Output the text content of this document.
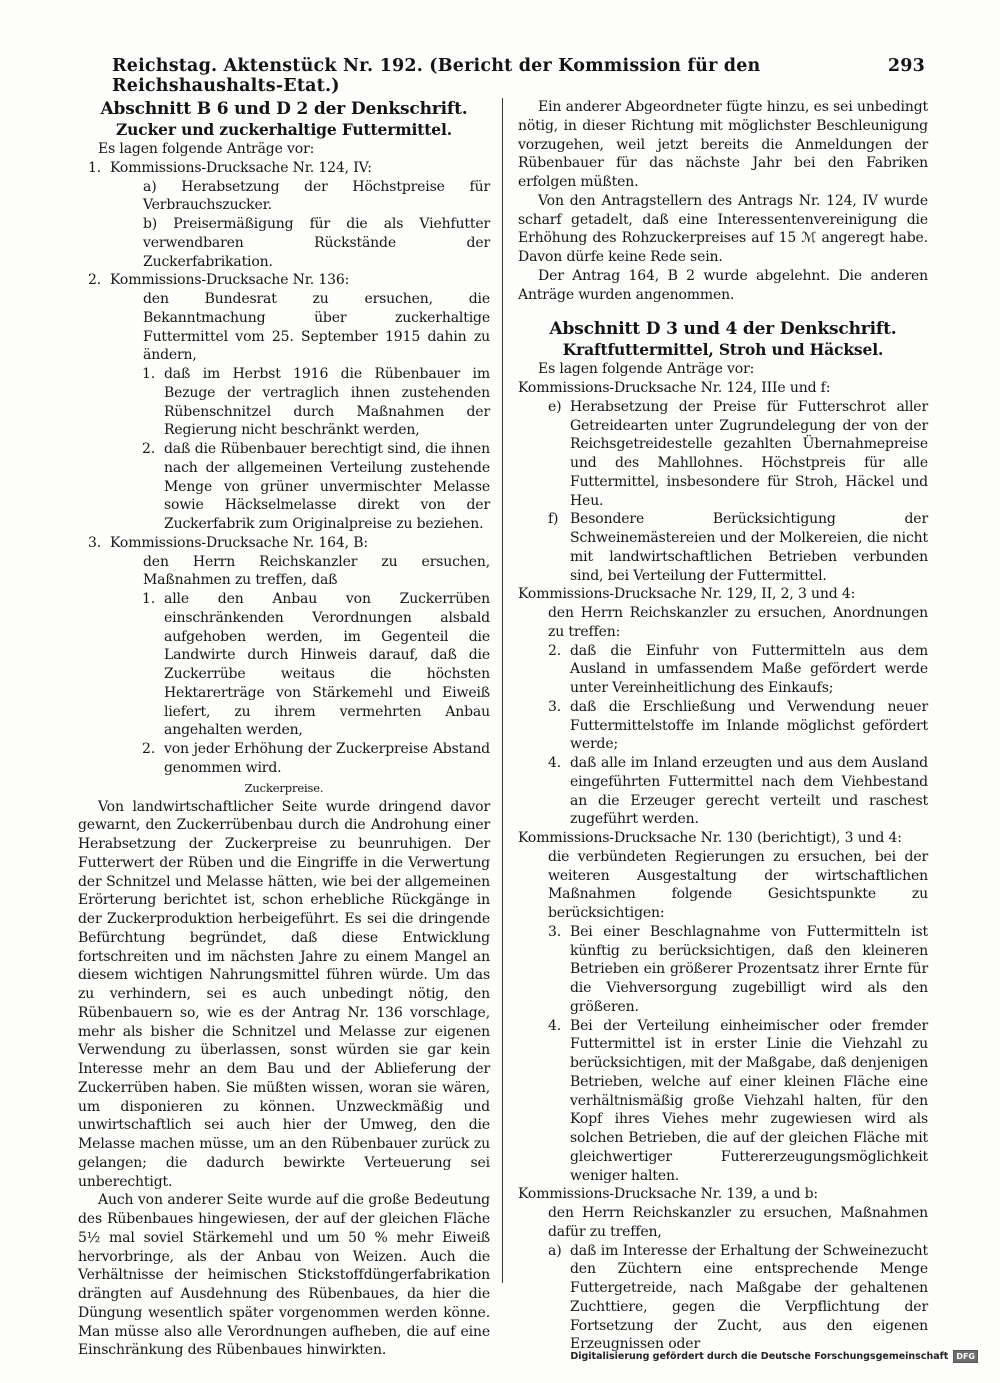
Reichstag. Aktenstück Nr. 192. (Bericht der Kommission für den Reichshaushalts-Etat.)
293

Abschnitt B 6 und D 2 der Denkschrift.

Zucker und zuckerhaltige Futtermittel.

Es lagen folgende Anträge vor:

1. Kommissions-Drucksache Nr. 124, IV:

a) Herabsetzung der Höchstpreise für Verbrauchszucker.

b) Preisermäßigung für die als Viehfutter verwendbaren Rückstände der Zuckerfabrikation.

2. Kommissions-Drucksache Nr. 136:

den Bundesrat zu ersuchen, die Bekanntmachung über zuckerhaltige Futtermittel vom 25. September 1915 dahin zu ändern,

1. daß im Herbst 1916 die Rübenbauer im Bezuge der vertraglich ihnen zustehenden Rübenschnitzel durch Maßnahmen der Regierung nicht beschränkt werden,
2. daß die Rübenbauer berechtigt sind, die ihnen nach der allgemeinen Verteilung zustehende Menge von grüner unvermischter Melasse sowie Häckselmelasse direkt von der Zuckerfabrik zum Originalpreise zu beziehen.
3. Kommissions-Drucksache Nr. 164, B:

den Herrn Reichskanzler zu ersuchen, Maßnahmen zu treffen, daß

1. alle den Anbau von Zuckerrüben einschränkenden Verordnungen alsbald aufgehoben werden, im Gegenteil die Landwirte durch Hinweis darauf, daß die Zuckerrübe weitaus die höchsten Hektarerträge von Stärkemehl und Eiweiß liefert, zu ihrem vermehrten Anbau angehalten werden,
2. von jeder Erhöhung der Zuckerpreise Abstand genommen wird.

Zuckerpreise.

Von landwirtschaftlicher Seite wurde dringend davor gewarnt, den Zuckerrübenbau durch die Androhung einer Herabsetzung der Zuckerpreise zu beunruhigen. Der Futterwert der Rüben und die Eingriffe in die Verwertung der Schnitzel und Melasse hätten, wie bei der allgemeinen Erörterung berichtet ist, schon erhebliche Rückgänge in der Zuckerproduktion herbeigeführt. Es sei die dringende Befürchtung begründet, daß diese Entwicklung fortschreiten und im nächsten Jahre zu einem Mangel an diesem wichtigen Nahrungsmittel führen würde. Um das zu verhindern, sei es auch unbedingt nötig, den Rübenbauern so, wie es der Antrag Nr. 136 vorschlage, mehr als bisher die Schnitzel und Melasse zur eigenen Verwendung zu überlassen, sonst würden sie gar kein Interesse mehr an dem Bau und der Ablieferung der Zuckerrüben haben. Sie müßten wissen, woran sie wären, um disponieren zu können. Unzweckmäßig und unwirtschaftlich sei auch hier der Umweg, den die Melasse machen müsse, um an den Rübenbauer zurück zu gelangen; die dadurch bewirkte Verteuerung sei unberechtigt.

Auch von anderer Seite wurde auf die große Bedeutung des Rübenbaues hingewiesen, der auf der gleichen Fläche 5½ mal soviel Stärkemehl und um 50 % mehr Eiweiß hervorbringe, als der Anbau von Weizen. Auch die Verhältnisse der heimischen Stickstoffdüngerfabrikation drängten auf Ausdehnung des Rübenbaues, da hier die Düngung wesentlich später vorgenommen werden könne. Man müsse also alle Verordnungen aufheben, die auf eine Einschränkung des Rübenbaues hinwirkten.

Ein anderer Abgeordneter fügte hinzu, es sei unbedingt nötig, in dieser Richtung mit möglichster Beschleunigung vorzugehen, weil jetzt bereits die Anmeldungen der Rübenbauer für das nächste Jahr bei den Fabriken erfolgen müßten.

Von den Antragstellern des Antrags Nr. 124, IV wurde scharf getadelt, daß eine Interessentenvereinigung die Erhöhung des Rohzuckerpreises auf 15 ℳ angeregt habe. Davon dürfe keine Rede sein.

Der Antrag 164, B 2 wurde abgelehnt. Die anderen Anträge wurden angenommen.

Abschnitt D 3 und 4 der Denkschrift.

Kraftfuttermittel, Stroh und Häcksel.

Es lagen folgende Anträge vor:

Kommissions-Drucksache Nr. 124, IIIe und f:

e) Herabsetzung der Preise für Futterschrot aller Getreidearten unter Zugrundelegung der von der Reichsgetreidestelle gezahlten Übernahmepreise und des Mahllohnes. Höchstpreis für alle Futtermittel, insbesondere für Stroh, Häckel und Heu.
f) Besondere Berücksichtigung der Schweinemästereien und der Molkereien, die nicht mit landwirtschaftlichen Betrieben verbunden sind, bei Verteilung der Futtermittel.

Kommissions-Drucksache Nr. 129, II, 2, 3 und 4:

den Herrn Reichskanzler zu ersuchen, Anordnungen zu treffen:

2. daß die Einfuhr von Futtermitteln aus dem Ausland in umfassendem Maße gefördert werde unter Vereinheitlichung des Einkaufs;
3. daß die Erschließung und Verwendung neuer Futtermittelstoffe im Inlande möglichst gefördert werde;
4. daß alle im Inland erzeugten und aus dem Ausland eingeführten Futtermittel nach dem Viehbestand an die Erzeuger gerecht verteilt und raschest zugeführt werden.

Kommissions-Drucksache Nr. 130 (berichtigt), 3 und 4:

die verbündeten Regierungen zu ersuchen, bei der weiteren Ausgestaltung der wirtschaftlichen Maßnahmen folgende Gesichtspunkte zu berücksichtigen:

3. Bei einer Beschlagnahme von Futtermitteln ist künftig zu berücksichtigen, daß den kleineren Betrieben ein größerer Prozentsatz ihrer Ernte für die Viehversorgung zugebilligt wird als den größeren.
4. Bei der Verteilung einheimischer oder fremder Futtermittel ist in erster Linie die Viehzahl zu berücksichtigen, mit der Maßgabe, daß denjenigen Betrieben, welche auf einer kleinen Fläche eine verhältnismäßig große Viehzahl halten, für den Kopf ihres Viehes mehr zugewiesen wird als solchen Betrieben, die auf der gleichen Fläche mit gleichwertiger Futtererzeugungsmöglichkeit weniger halten.

Kommissions-Drucksache Nr. 139, a und b:

den Herrn Reichskanzler zu ersuchen, Maßnahmen dafür zu treffen,

a) daß im Interesse der Erhaltung der Schweinezucht den Züchtern eine entsprechende Menge Futtergetreide, nach Maßgabe der gehaltenen Zuchttiere, gegen die Verpflichtung der Fortsetzung der Zucht, aus den eigenen Erzeugnissen oder
Digitalisierung gefördert durch die Deutsche Forschungsgemeinschaft DFG
